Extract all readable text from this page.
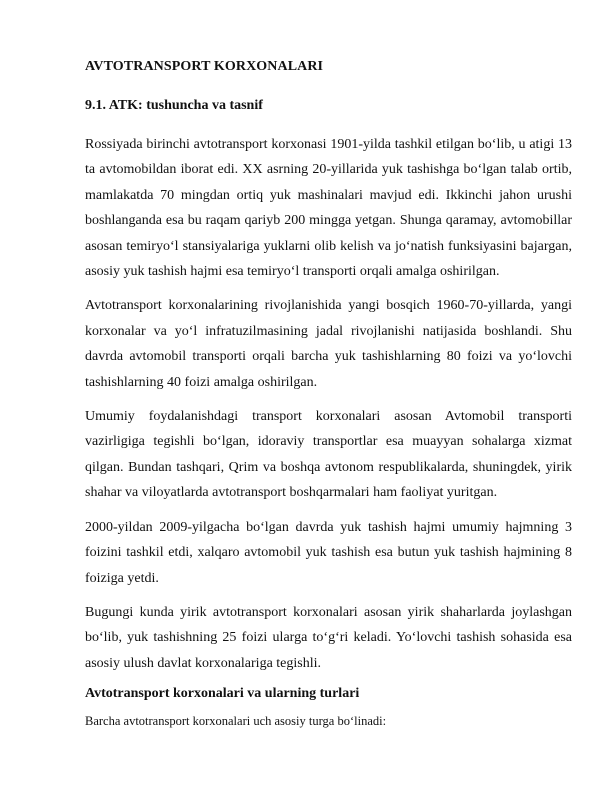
AVTOTRANSPORT KORXONALARI
9.1. ATK: tushuncha va tasnif

Rossiyada birinchi avtotransport korxonasi 1901-yilda tashkil etilgan bo‘lib, u atigi 13 ta avtomobildan iborat edi. XX asrning 20-yillarida yuk tashishga bo‘lgan talab ortib, mamlakatda 70 mingdan ortiq yuk mashinalari mavjud edi. Ikkinchi jahon urushi boshlanganda esa bu raqam qariyb 200 mingga yetgan. Shunga qaramay, avtomobillar asosan temiryo‘l stansiyalariga yuklarni olib kelish va jo‘natish funksiyasini bajargan, asosiy yuk tashish hajmi esa temiryo‘l transporti orqali amalga oshirilgan.

Avtotransport korxonalarining rivojlanishida yangi bosqich 1960-70-yillarda, yangi korxonalar va yo‘l infratuzilmasining jadal rivojlanishi natijasida boshlandi. Shu davrda avtomobil transporti orqali barcha yuk tashishlarning 80 foizi va yo‘lovchi tashishlarning 40 foizi amalga oshirilgan.

Umumiy foydalanishdagi transport korxonalari asosan Avtomobil transporti vazirligiga tegishli bo‘lgan, idoraviy transportlar esa muayyan sohalarga xizmat qilgan. Bundan tashqari, Qrim va boshqa avtonom respublikalarda, shuningdek, yirik shahar va viloyatlarda avtotransport boshqarmalari ham faoliyat yuritgan.

2000-yildan 2009-yilgacha bo‘lgan davrda yuk tashish hajmi umumiy hajmning 3 foizini tashkil etdi, xalqaro avtomobil yuk tashish esa butun yuk tashish hajmining 8 foiziga yetdi.

Bugungi kunda yirik avtotransport korxonalari asosan yirik shaharlarda joylashgan bo‘lib, yuk tashishning 25 foizi ularga to‘g‘ri keladi. Yo‘lovchi tashish sohasida esa asosiy ulush davlat korxonalariga tegishli.

Avtotransport korxonalari va ularning turlari

Barcha avtotransport korxonalari uch asosiy turga bo‘linadi:
